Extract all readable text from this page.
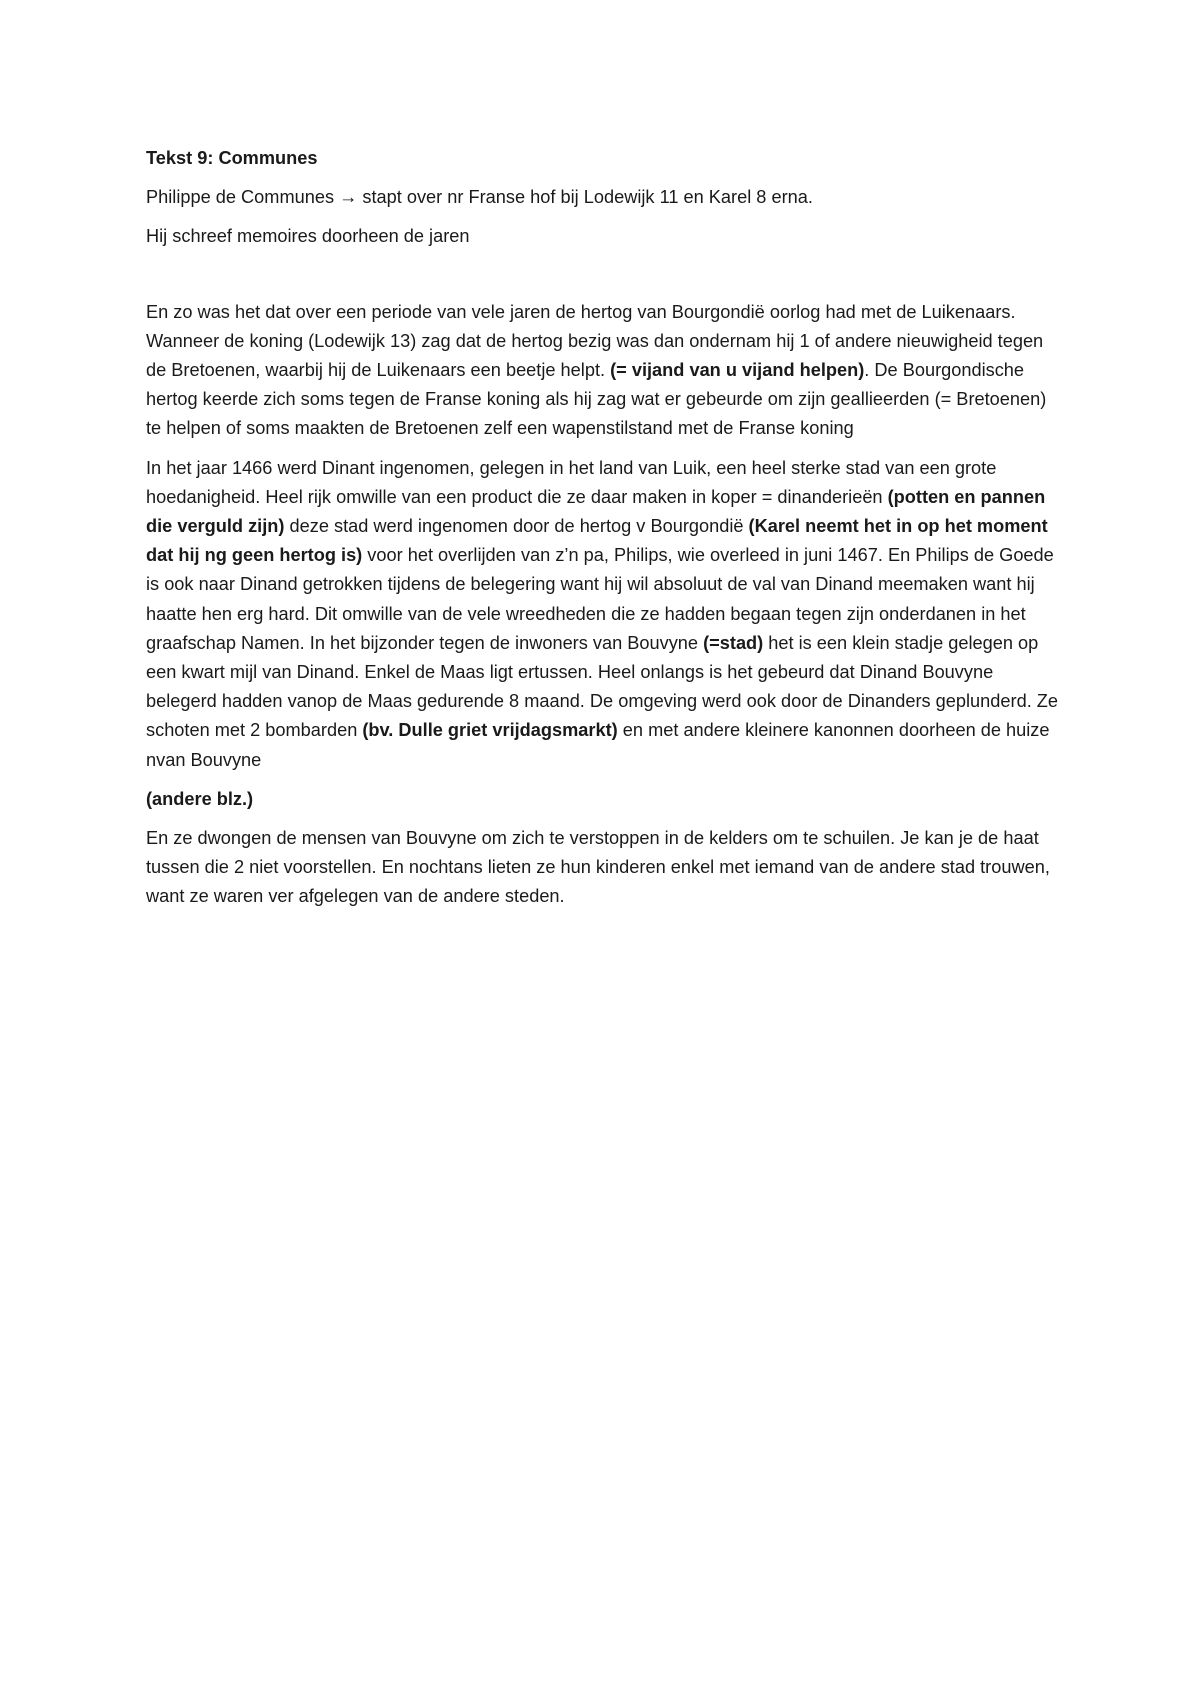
Tekst 9: Communes

Philippe de Communes → stapt over nr Franse hof bij Lodewijk 11 en Karel 8 erna.

Hij schreef memoires doorheen de jaren

En zo was het dat over een periode van vele jaren de hertog van Bourgondië oorlog had met de Luikenaars. Wanneer de koning (Lodewijk 13) zag dat de hertog bezig was dan ondernam hij 1 of andere nieuwigheid tegen de Bretoenen, waarbij hij de Luikenaars een beetje helpt. (= vijand van u vijand helpen). De Bourgondische hertog keerde zich soms tegen de Franse koning als hij zag wat er gebeurde om zijn geallieerden (= Bretoenen) te helpen of soms maakten de Bretoenen zelf een wapenstilstand met de Franse koning

In het jaar 1466 werd Dinant ingenomen, gelegen in het land van Luik, een heel sterke stad van een grote hoedanigheid. Heel rijk omwille van een product die ze daar maken in koper = dinanderieën (potten en pannen die verguld zijn) deze stad werd ingenomen door de hertog v Bourgondië (Karel neemt het in op het moment dat hij ng geen hertog is) voor het overlijden van z’n pa, Philips, wie overleed in juni 1467. En Philips de Goede is ook naar Dinand getrokken tijdens de belegering want hij wil absoluut de val van Dinand meemaken want hij haatte hen erg hard. Dit omwille van de vele wreedheden die ze hadden begaan tegen zijn onderdanen in het graafschap Namen. In het bijzonder tegen de inwoners van Bouvyne (=stad) het is een klein stadje gelegen op een kwart mijl van Dinand. Enkel de Maas ligt ertussen. Heel onlangs is het gebeurd dat Dinand Bouvyne belegerd hadden vanop de Maas gedurende 8 maand. De omgeving werd ook door de Dinanders geplunderd. Ze schoten met 2 bombarden (bv. Dulle griet vrijdagsmarkt) en met andere kleinere kanonnen doorheen de huize nvan Bouvyne

(andere blz.)

En ze dwongen de mensen van Bouvyne om zich te verstoppen in de kelders om te schuilen. Je kan je de haat tussen die 2 niet voorstellen. En nochtans lieten ze hun kinderen enkel met iemand van de andere stad trouwen, want ze waren ver afgelegen van de andere steden.
